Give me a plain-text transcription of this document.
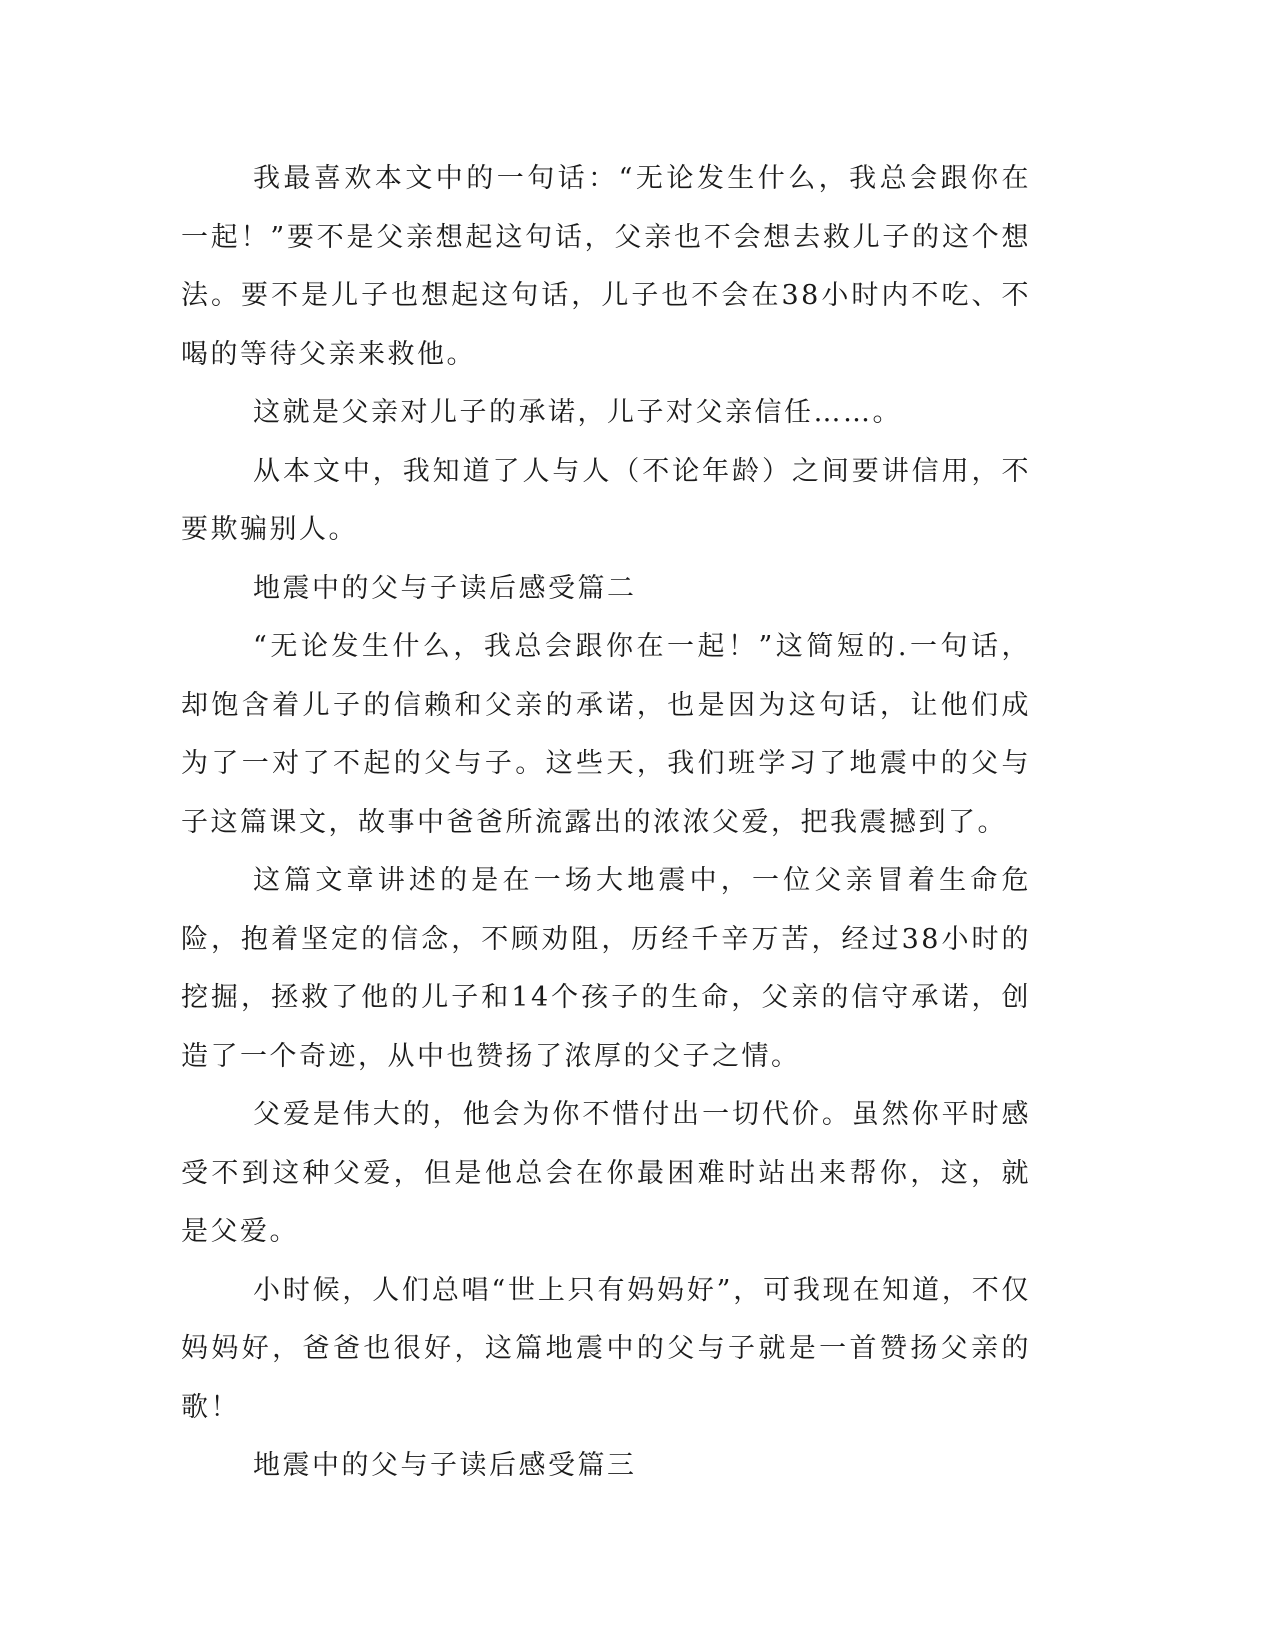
我最喜欢本文中的一句话：“无论发生什么，我总会跟你在一起！”要不是父亲想起这句话，父亲也不会想去救儿子的这个想法。要不是儿子也想起这句话，儿子也不会在38小时内不吃、不喝的等待父亲来救他。

这就是父亲对儿子的承诺，儿子对父亲信任……。

从本文中，我知道了人与人（不论年龄）之间要讲信用，不要欺骗别人。

地震中的父与子读后感受篇二

“无论发生什么，我总会跟你在一起！”这简短的.一句话，却饱含着儿子的信赖和父亲的承诺，也是因为这句话，让他们成为了一对了不起的父与子。这些天，我们班学习了地震中的父与子这篇课文，故事中爸爸所流露出的浓浓父爱，把我震撼到了。

这篇文章讲述的是在一场大地震中，一位父亲冒着生命危险，抱着坚定的信念，不顾劝阻，历经千辛万苦，经过38小时的挖掘，拯救了他的儿子和14个孩子的生命，父亲的信守承诺，创造了一个奇迹，从中也赞扬了浓厚的父子之情。

父爱是伟大的，他会为你不惜付出一切代价。虽然你平时感受不到这种父爱，但是他总会在你最困难时站出来帮你，这，就是父爱。

小时候，人们总唱“世上只有妈妈好”，可我现在知道，不仅妈妈好，爸爸也很好，这篇地震中的父与子就是一首赞扬父亲的歌！

地震中的父与子读后感受篇三
